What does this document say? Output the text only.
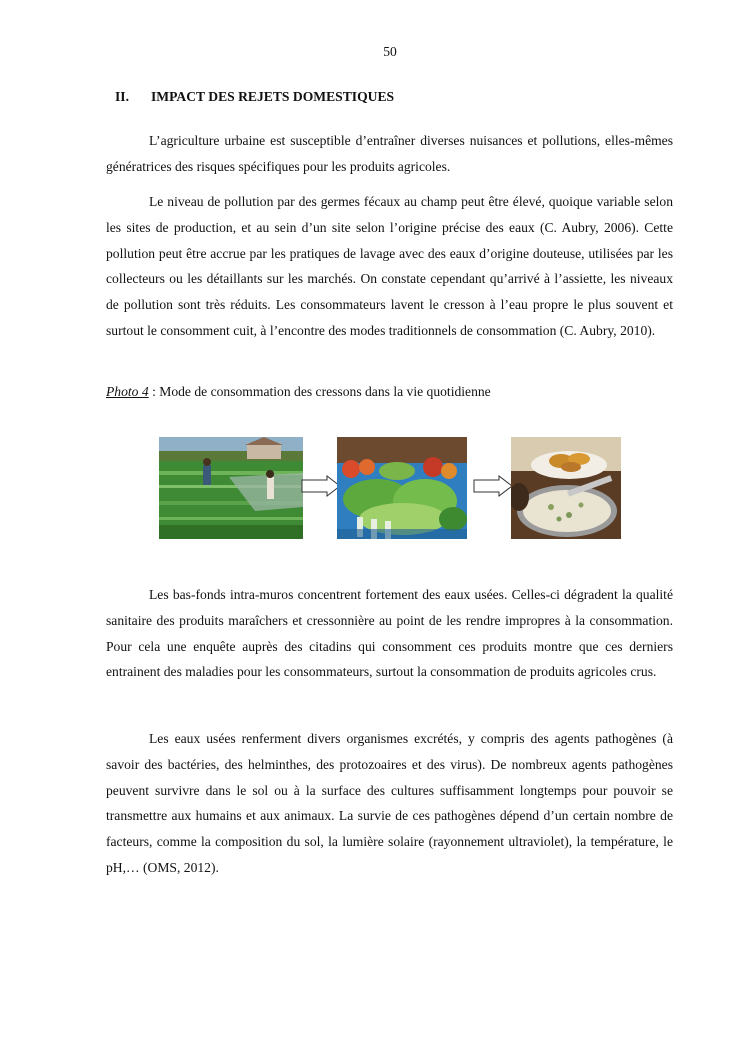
50
II. IMPACT DES REJETS DOMESTIQUES

L’agriculture urbaine est susceptible d’entraîner diverses nuisances et pollutions, elles-mêmes génératrices des risques spécifiques pour les produits agricoles.

Le niveau de pollution par des germes fécaux au champ peut être élevé, quoique variable selon les sites de production, et au sein d’un site selon l’origine précise des eaux (C. Aubry, 2006). Cette pollution peut être accrue par les pratiques de lavage avec des eaux d’origine douteuse, utilisées par les collecteurs ou les détaillants sur les marchés. On constate cependant qu’arrivé à l’assiette, les niveaux de pollution sont très réduits. Les consommateurs lavent le cresson à l’eau propre le plus souvent et surtout le consomment cuit, à l’encontre des modes traditionnels de consommation (C. Aubry, 2010).

Photo 4 : Mode de consommation des cressons dans la vie quotidienne

Les bas-fonds intra-muros concentrent fortement des eaux usées. Celles-ci dégradent la qualité sanitaire des produits maraîchers et cressonnière au point de les rendre impropres à la consommation. Pour cela une enquête auprès des citadins qui consomment ces produits montre que ces derniers entrainent des maladies pour les consommateurs, surtout la consommation de produits agricoles crus.

Les eaux usées renferment divers organismes excrétés, y compris des agents pathogènes (à savoir des bactéries, des helminthes, des protozoaires et des virus). De nombreux agents pathogènes peuvent survivre dans le sol ou à la surface des cultures suffisamment longtemps pour pouvoir se transmettre aux humains et aux animaux. La survie de ces pathogènes dépend d’un certain nombre de facteurs, comme la composition du sol, la lumière solaire (rayonnement ultraviolet), la température, le pH,… (OMS, 2012).
